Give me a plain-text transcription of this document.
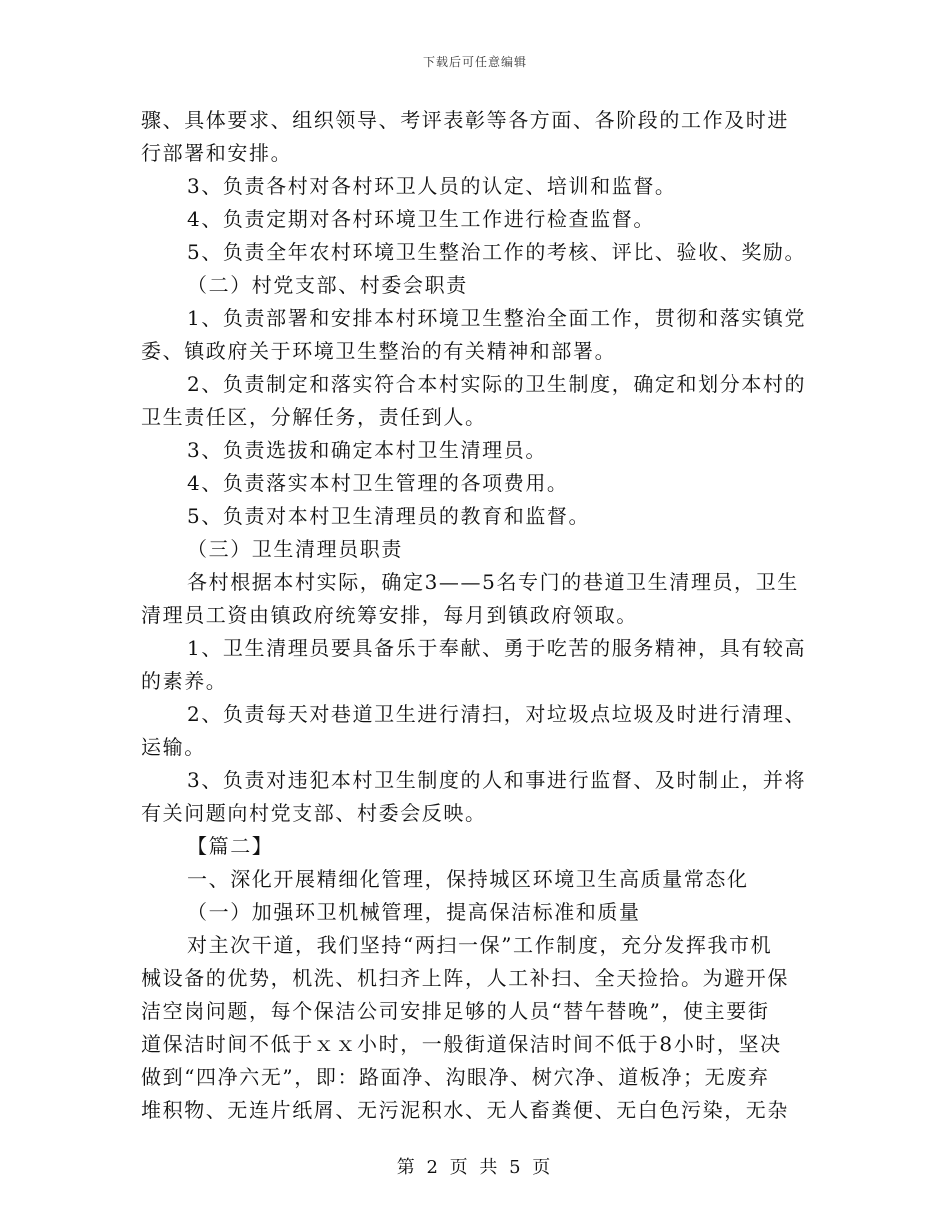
下载后可任意编辑
骤、具体要求、组织领导、考评表彰等各方面、各阶段的工作及时进
行部署和安排。
3、负责各村对各村环卫人员的认定、培训和监督。
4、负责定期对各村环境卫生工作进行检查监督。
5、负责全年农村环境卫生整治工作的考核、评比、验收、奖励。
（二）村党支部、村委会职责
1、负责部署和安排本村环境卫生整治全面工作，贯彻和落实镇党
委、镇政府关于环境卫生整治的有关精神和部署。
2、负责制定和落实符合本村实际的卫生制度，确定和划分本村的
卫生责任区，分解任务，责任到人。
3、负责选拔和确定本村卫生清理员。
4、负责落实本村卫生管理的各项费用。
5、负责对本村卫生清理员的教育和监督。
（三）卫生清理员职责
各村根据本村实际，确定3——5名专门的巷道卫生清理员，卫生
清理员工资由镇政府统筹安排，每月到镇政府领取。
1、卫生清理员要具备乐于奉献、勇于吃苦的服务精神，具有较高
的素养。
2、负责每天对巷道卫生进行清扫，对垃圾点垃圾及时进行清理、
运输。
3、负责对违犯本村卫生制度的人和事进行监督、及时制止，并将
有关问题向村党支部、村委会反映。
【篇二】
一、深化开展精细化管理，保持城区环境卫生高质量常态化
（一）加强环卫机械管理，提高保洁标准和质量
对主次干道，我们坚持“两扫一保”工作制度，充分发挥我市机
械设备的优势，机洗、机扫齐上阵，人工补扫、全天捡拾。为避开保
洁空岗问题，每个保洁公司安排足够的人员“替午替晚”，使主要街
道保洁时间不低于ｘｘ小时，一般街道保洁时间不低于8小时，坚决
做到“四净六无”，即：路面净、沟眼净、树穴净、道板净；无废弃
堆积物、无连片纸屑、无污泥积水、无人畜粪便、无白色污染，无杂
第 2 页 共 5 页
